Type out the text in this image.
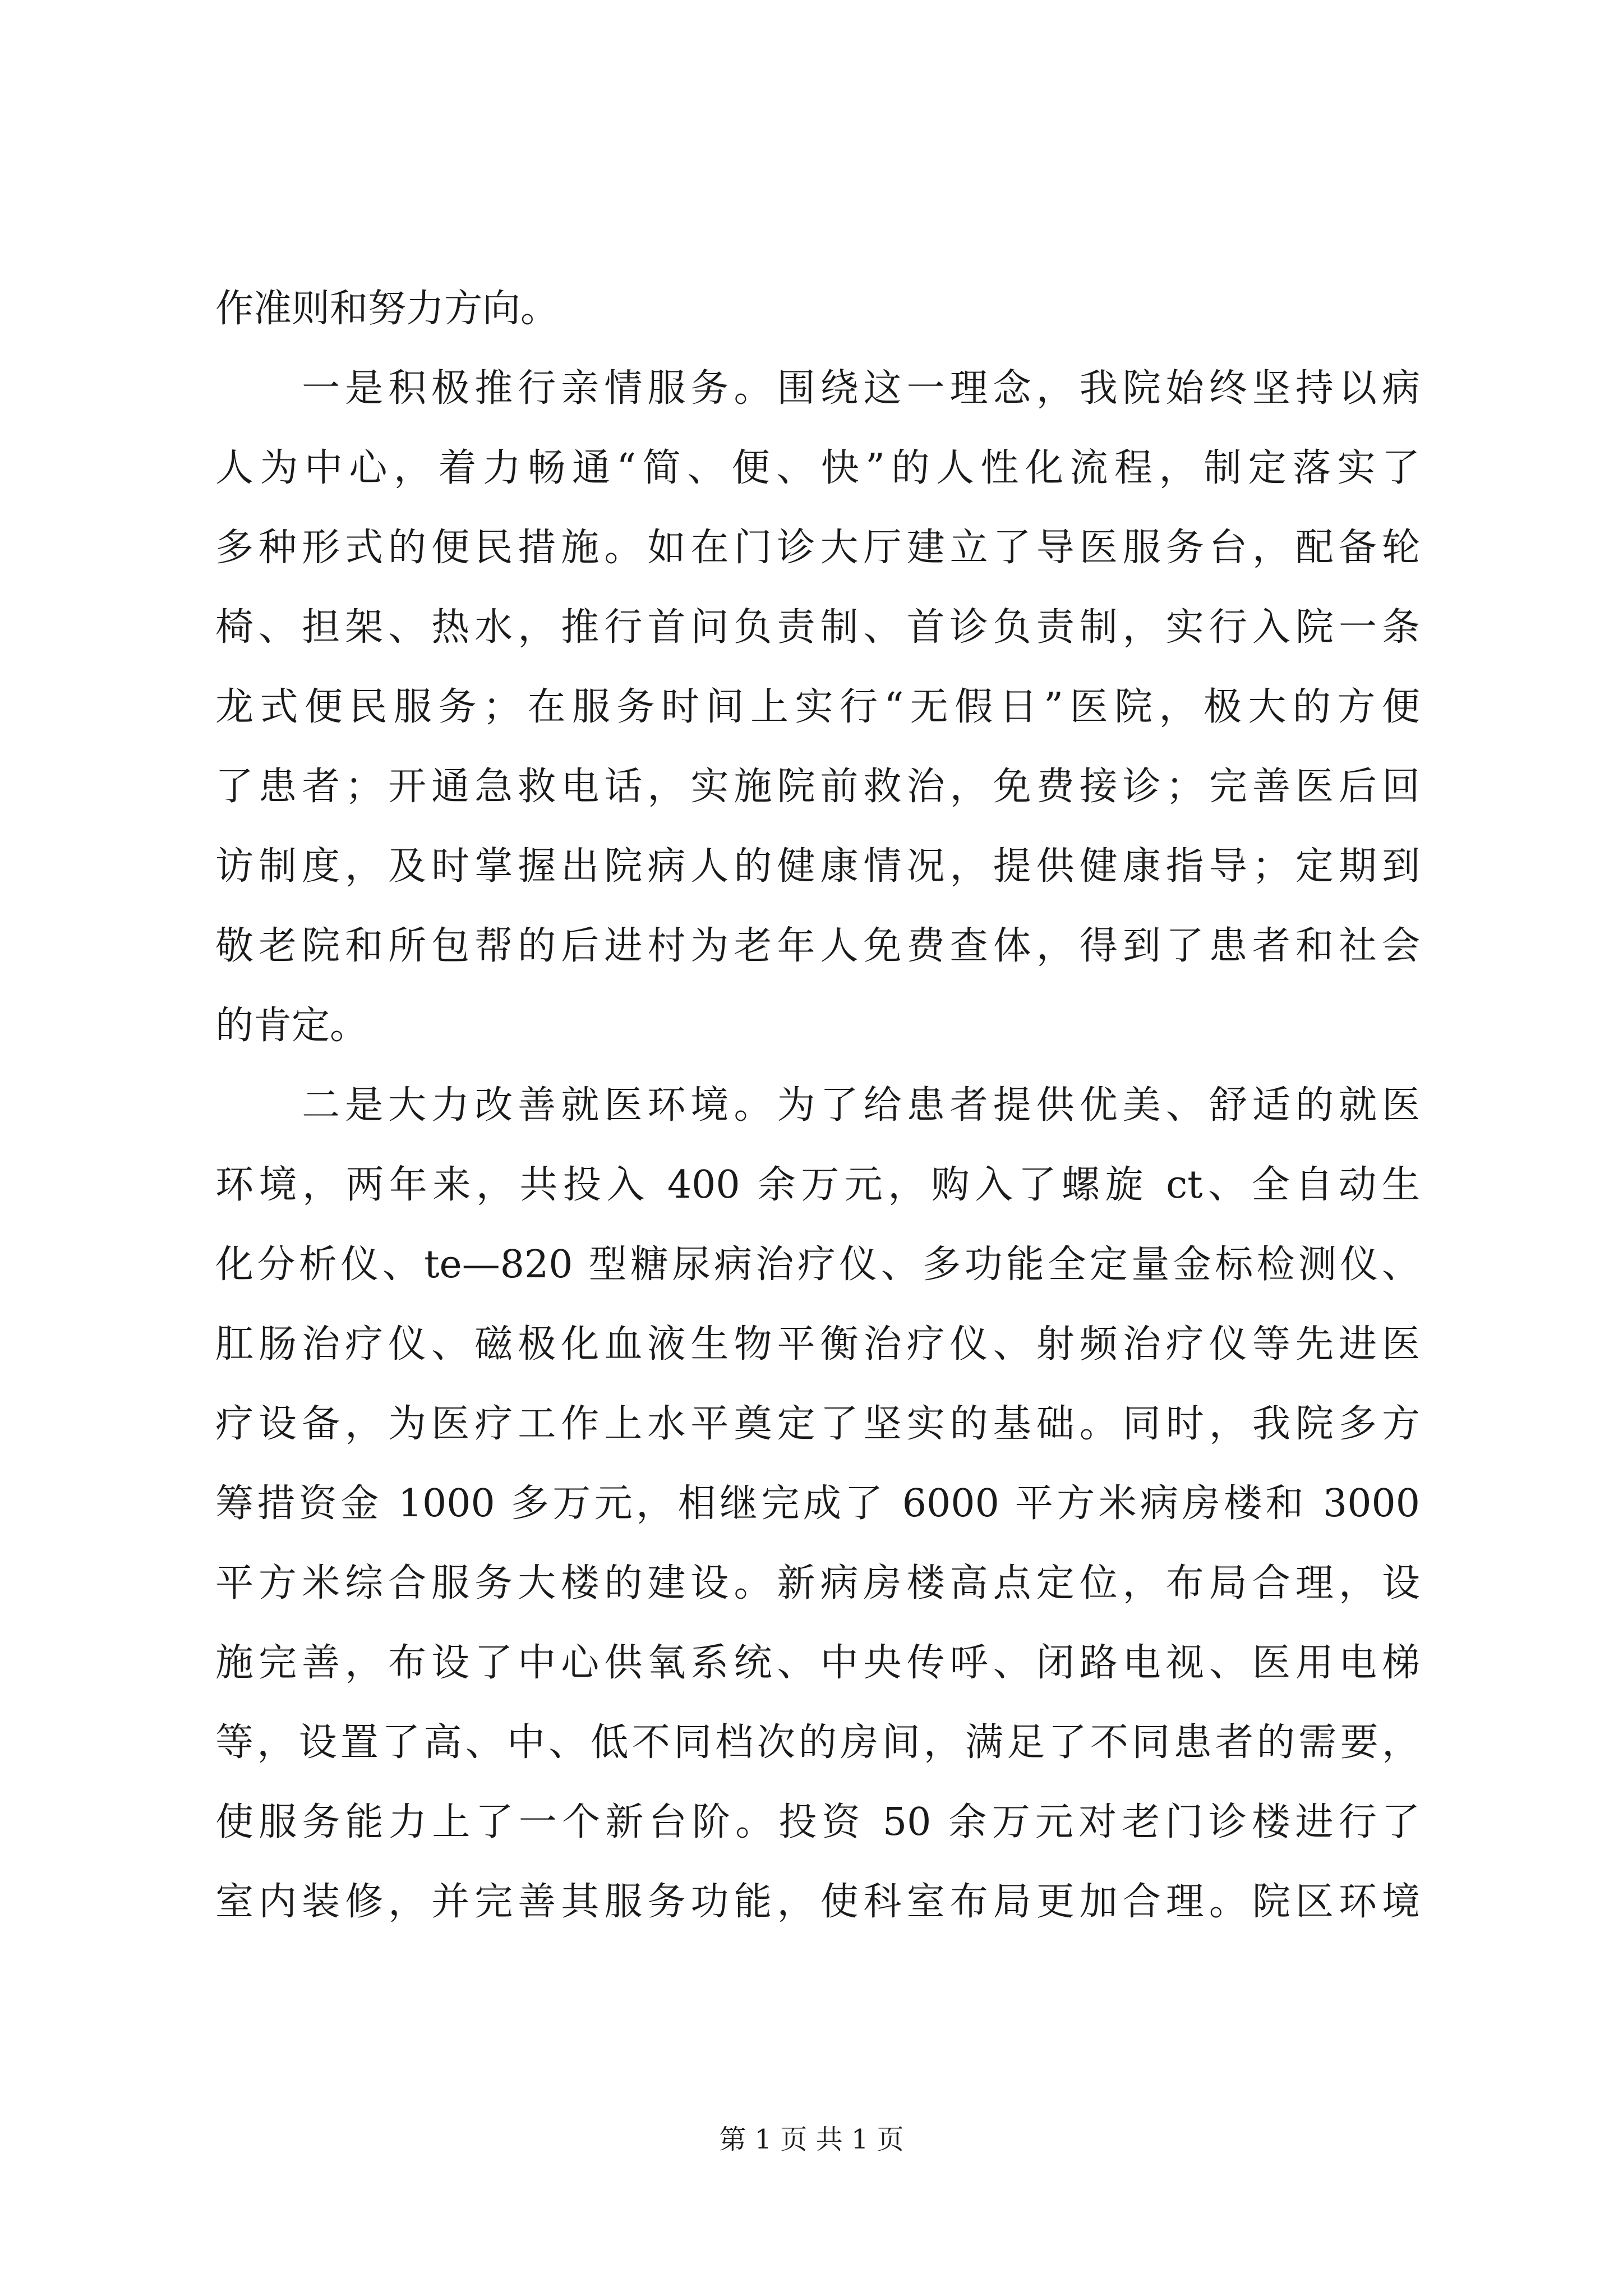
作准则和努力方向。
　　一是积极推行亲情服务。围绕这一理念，我院始终坚持以病
人为中心，着力畅通“简、便、快”的人性化流程，制定落实了
多种形式的便民措施。如在门诊大厅建立了导医服务台，配备轮
椅、担架、热水，推行首问负责制、首诊负责制，实行入院一条
龙式便民服务；在服务时间上实行“无假日”医院，极大的方便
了患者；开通急救电话，实施院前救治，免费接诊；完善医后回
访制度，及时掌握出院病人的健康情况，提供健康指导；定期到
敬老院和所包帮的后进村为老年人免费查体，得到了患者和社会
的肯定。
　　二是大力改善就医环境。为了给患者提供优美、舒适的就医
环境，两年来，共投入 400 余万元，购入了螺旋 ct、全自动生
化分析仪、te—820 型糖尿病治疗仪、多功能全定量金标检测仪、
肛肠治疗仪、磁极化血液生物平衡治疗仪、射频治疗仪等先进医
疗设备，为医疗工作上水平奠定了坚实的基础。同时，我院多方
筹措资金 1000 多万元，相继完成了 6000 平方米病房楼和 3000
平方米综合服务大楼的建设。新病房楼高点定位，布局合理，设
施完善，布设了中心供氧系统、中央传呼、闭路电视、医用电梯
等，设置了高、中、低不同档次的房间，满足了不同患者的需要，
使服务能力上了一个新台阶。投资 50 余万元对老门诊楼进行了
室内装修，并完善其服务功能，使科室布局更加合理。院区环境
第 1 页 共 1 页
